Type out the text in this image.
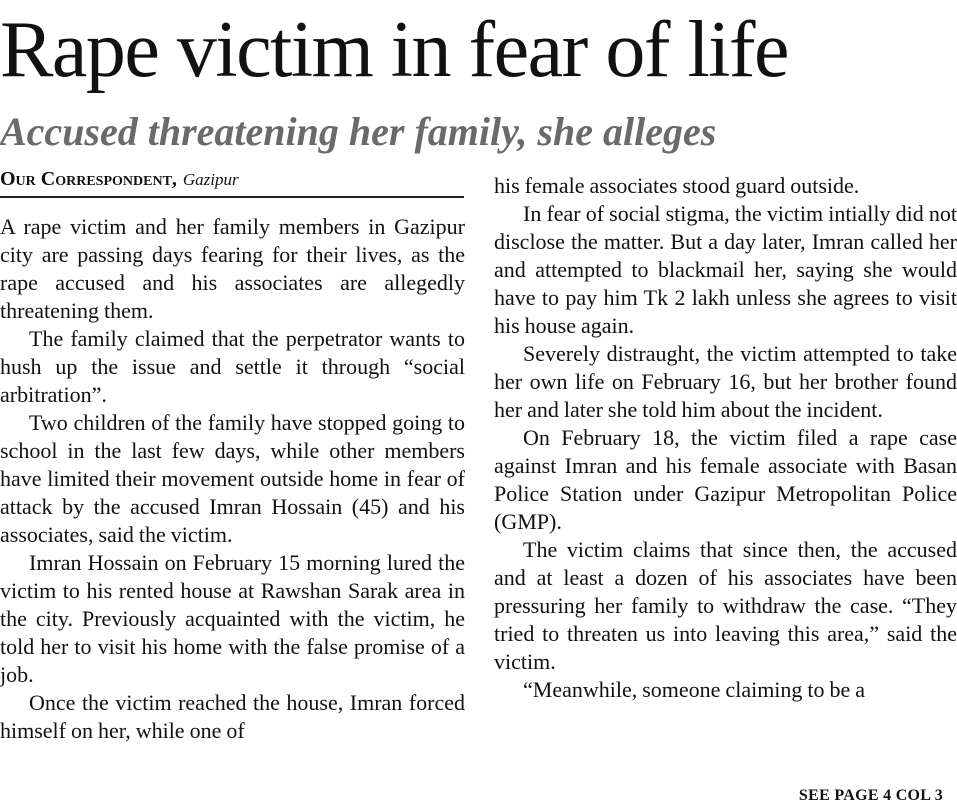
Rape victim in fear of life
Accused threatening her family, she alleges
Our Correspondent, Gazipur

A rape victim and her family members in Gazipur city are passing days fearing for their lives, as the rape accused and his associates are allegedly threatening them.

The family claimed that the perpetrator wants to hush up the issue and settle it through “social arbitration”.

Two children of the family have stopped going to school in the last few days, while other members have limited their movement outside home in fear of attack by the accused Imran Hossain (45) and his associates, said the victim.

Imran Hossain on February 15 morning lured the victim to his rented house at Rawshan Sarak area in the city. Previously acquainted with the victim, he told her to visit his home with the false promise of a job.

Once the victim reached the house, Imran forced himself on her, while one of

his female associates stood guard outside.

In fear of social stigma, the victim intially did not disclose the matter. But a day later, Imran called her and attempted to blackmail her, saying she would have to pay him Tk 2 lakh unless she agrees to visit his house again.

Severely distraught, the victim attempted to take her own life on February 16, but her brother found her and later she told him about the incident.

On February 18, the victim filed a rape case against Imran and his female associate with Basan Police Station under Gazipur Metropolitan Police (GMP).

The victim claims that since then, the accused and at least a dozen of his associates have been pressuring her family to withdraw the case. “They tried to threaten us into leaving this area,” said the victim.

“Meanwhile, someone claiming to be a

SEE PAGE 4 COL 3
